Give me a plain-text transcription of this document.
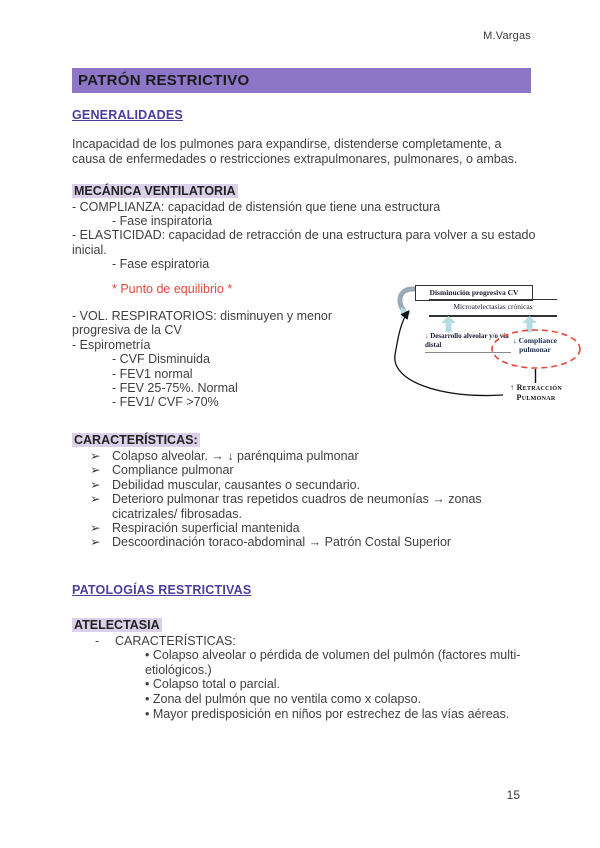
M.Vargas
PATRÓN RESTRICTIVO
GENERALIDADES
Incapacidad de los pulmones para expandirse, distenderse completamente, a causa de enfermedades o restricciones extrapulmonares, pulmonares, o ambas.
MECÁNICA VENTILATORIA
- COMPLIANZA: capacidad de distensión que tiene una estructura
- Fase inspiratoria
- ELASTICIDAD: capacidad de retracción de una estructura para volver a su estado inicial.
- Fase espiratoria
* Punto de equilibrio *
- VOL. RESPIRATORIOS: disminuyen y menor progresiva de la CV
- Espirometría
- CVF Disminuida
- FEV1 normal
- FEV 25-75%. Normal
- FEV1/ CVF >70%
CARACTERÍSTICAS:
➢ Colapso alveolar. → ↓ parénquima pulmonar
➢ Compliance pulmonar
➢ Debilidad muscular, causantes o secundario.
➢ Deterioro pulmonar tras repetidos cuadros de neumonías → zonas cicatrizales/ fibrosadas.
➢ Respiración superficial mantenida
➢ Descoordinación toraco-abdominal → Patrón Costal Superior
PATOLOGÍAS RESTRICTIVAS
ATELECTASIA
-	CARACTERÍSTICAS:
• Colapso alveolar o pérdida de volumen del pulmón (factores multi-etiológicos.)
• Colapso total o parcial.
• Zona del pulmón que no ventila como x colapso.
• Mayor predisposición en niños por estrechez de las vías aéreas.
Disminución progresiva CV
Microatelectasias crónicas
↓ Desarrollo alveolar y/o vía distal	↓ Compliance
pulmonar
↑ Retracción
Pulmonar
15
